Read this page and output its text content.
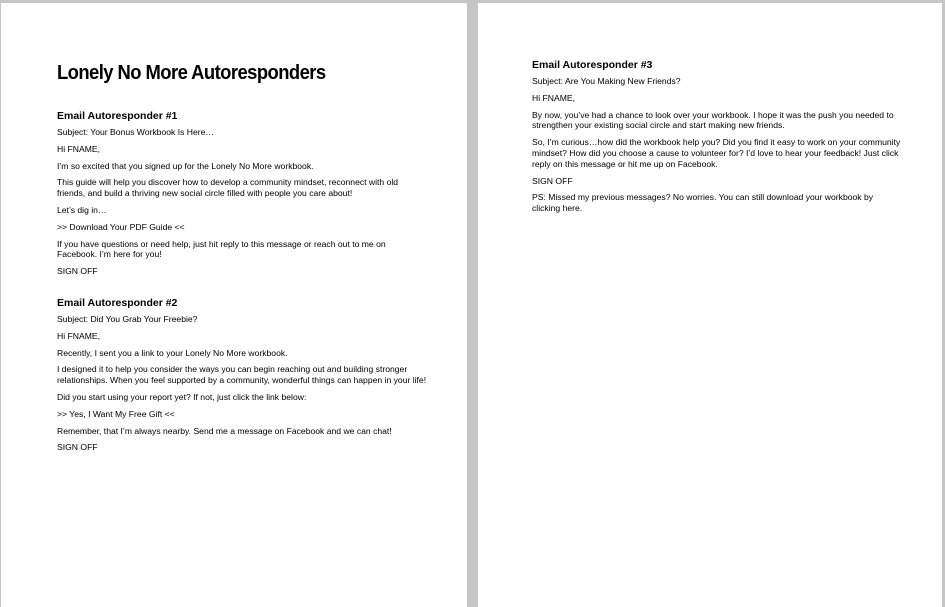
Lonely No More Autoresponders
Email Autoresponder #1

Subject: Your Bonus Workbook Is Here…

Hi FNAME,

I’m so excited that you signed up for the Lonely No More workbook.

This guide will help you discover how to develop a community mindset, reconnect with old friends, and build a thriving new social circle filled with people you care about!

Let’s dig in…

>> Download Your PDF Guide <<

If you have questions or need help, just hit reply to this message or reach out to me on Facebook. I’m here for you!

SIGN OFF

Email Autoresponder #2

Subject: Did You Grab Your Freebie?

Hi FNAME,

Recently, I sent you a link to your Lonely No More workbook.

I designed it to help you consider the ways you can begin reaching out and building stronger relationships. When you feel supported by a community, wonderful things can happen in your life!

Did you start using your report yet? If not, just click the link below:

>> Yes, I Want My Free Gift <<

Remember, that I’m always nearby. Send me a message on Facebook and we can chat!

SIGN OFF

Email Autoresponder #3

Subject: Are You Making New Friends?

Hi FNAME,

By now, you’ve had a chance to look over your workbook. I hope it was the push you needed to strengthen your existing social circle and start making new friends.

So, I’m curious…how did the workbook help you? Did you find it easy to work on your community mindset? How did you choose a cause to volunteer for? I’d love to hear your feedback! Just click reply on this message or hit me up on Facebook.

SIGN OFF

PS: Missed my previous messages? No worries. You can still download your workbook by clicking here.
